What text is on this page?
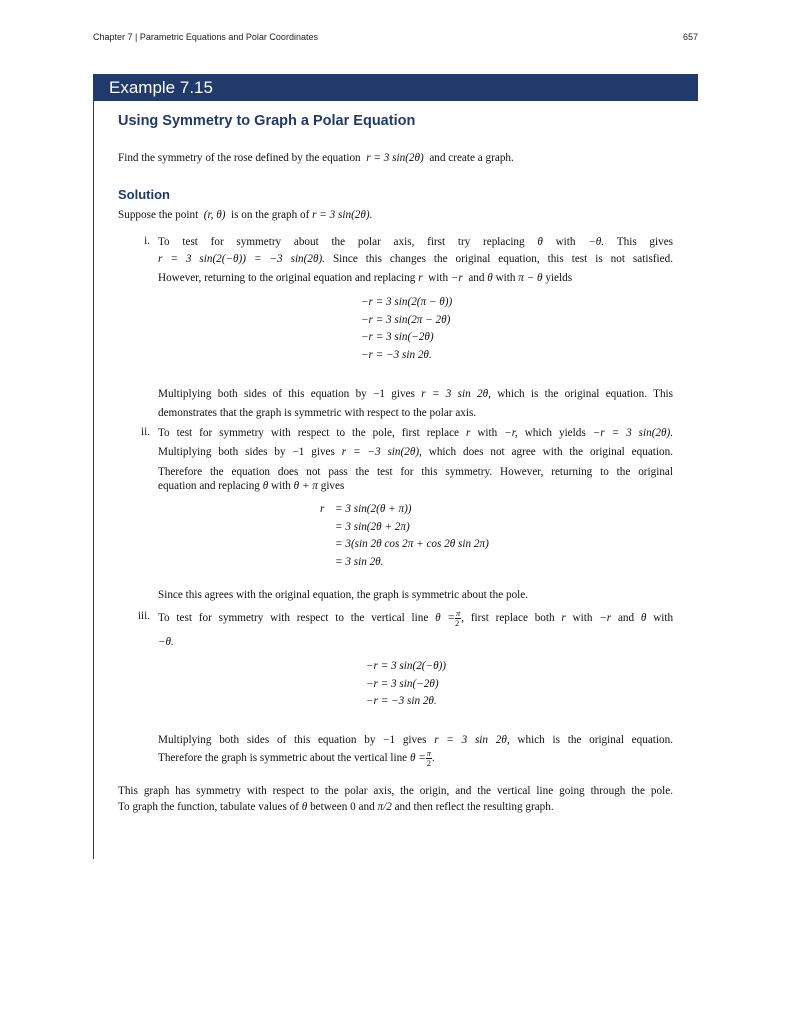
Chapter 7 | Parametric Equations and Polar Coordinates	657
Example 7.15
Using Symmetry to Graph a Polar Equation
Find the symmetry of the rose defined by the equation r = 3 sin(2θ) and create a graph.
Solution
Suppose the point (r, θ) is on the graph of r = 3 sin(2θ).
i. To test for symmetry about the polar axis, first try replacing θ with −θ. This gives
r = 3 sin(2(−θ)) = −3 sin(2θ). Since this changes the original equation, this test is not satisfied.
However, returning to the original equation and replacing r with −r and θ with π − θ yields
−r = 3 sin(2(π − θ))
−r = 3 sin(2π − 2θ)
−r = 3 sin(−2θ)
−r = −3 sin 2θ.
Multiplying both sides of this equation by −1 gives r = 3 sin 2θ, which is the original equation. This
demonstrates that the graph is symmetric with respect to the polar axis.
ii. To test for symmetry with respect to the pole, first replace r with −r, which yields −r = 3 sin(2θ).
Multiplying both sides by −1 gives r = −3 sin(2θ), which does not agree with the original equation.
Therefore the equation does not pass the test for this symmetry. However, returning to the original
equation and replacing θ with θ + π gives
r = 3 sin(2(θ + π))
= 3 sin(2θ + 2π)
= 3(sin 2θ cos 2π + cos 2θ sin 2π)
= 3 sin 2θ.
Since this agrees with the original equation, the graph is symmetric about the pole.
iii. To test for symmetry with respect to the vertical line $\theta = \frac{\pi}{2}$ , first replace both r with −r and θ with
−θ.
−r = 3 sin(2(−θ))
−r = 3 sin(−2θ)
−r = −3 sin 2θ.
Multiplying both sides of this equation by −1 gives r = 3 sin 2θ, which is the original equation.
Therefore the graph is symmetric about the vertical line $\theta = \frac{\pi}{2}$ .
This graph has symmetry with respect to the polar axis, the origin, and the vertical line going through the pole.
To graph the function, tabulate values of θ between 0 and π/2 and then reflect the resulting graph.
